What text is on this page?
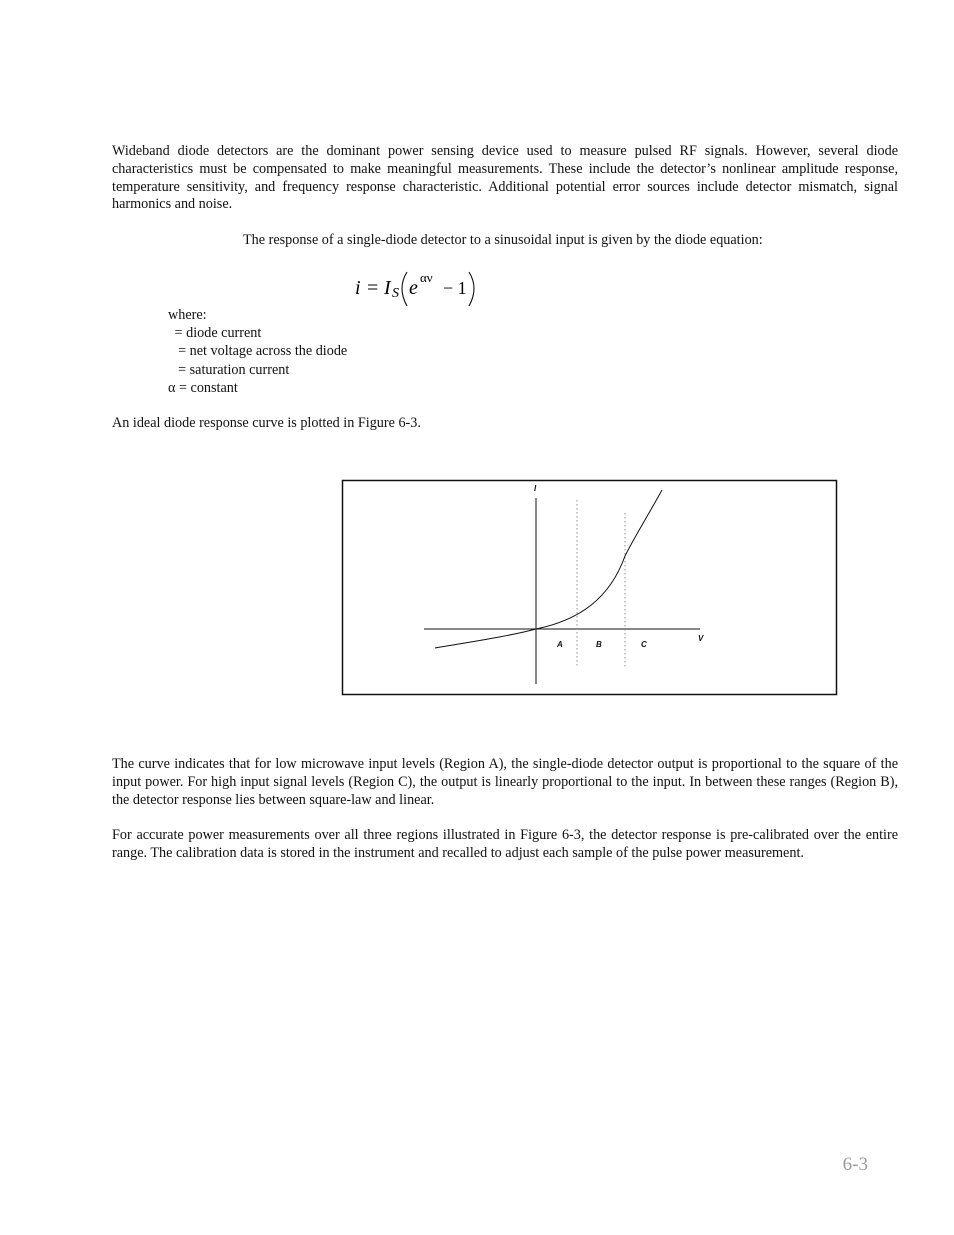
Wideband diode detectors are the dominant power sensing device used to measure pulsed RF signals. However, several diode characteristics must be compensated to make meaningful measurements. These include the detector’s nonlinear amplitude response, temperature sensitivity, and frequency response characteristic. Additional potential error sources include detector mismatch, signal harmonics and noise.

The response of a single-diode detector to a sinusoidal input is given by the diode equation:

i = I S e αν
− 1
where:
= diode current
= net voltage across the diode
= saturation current
α = constant

An ideal diode response curve is plotted in Figure 6-3.

I
V
A	B	C

The curve indicates that for low microwave input levels (Region A), the single-diode detector output is proportional to the square of the input power. For high input signal levels (Region C), the output is linearly proportional to the input. In between these ranges (Region B), the detector response lies between square-law and linear.

For accurate power measurements over all three regions illustrated in Figure 6-3, the detector response is pre-calibrated over the entire range. The calibration data is stored in the instrument and recalled to adjust each sample of the pulse power measurement.

6-3
